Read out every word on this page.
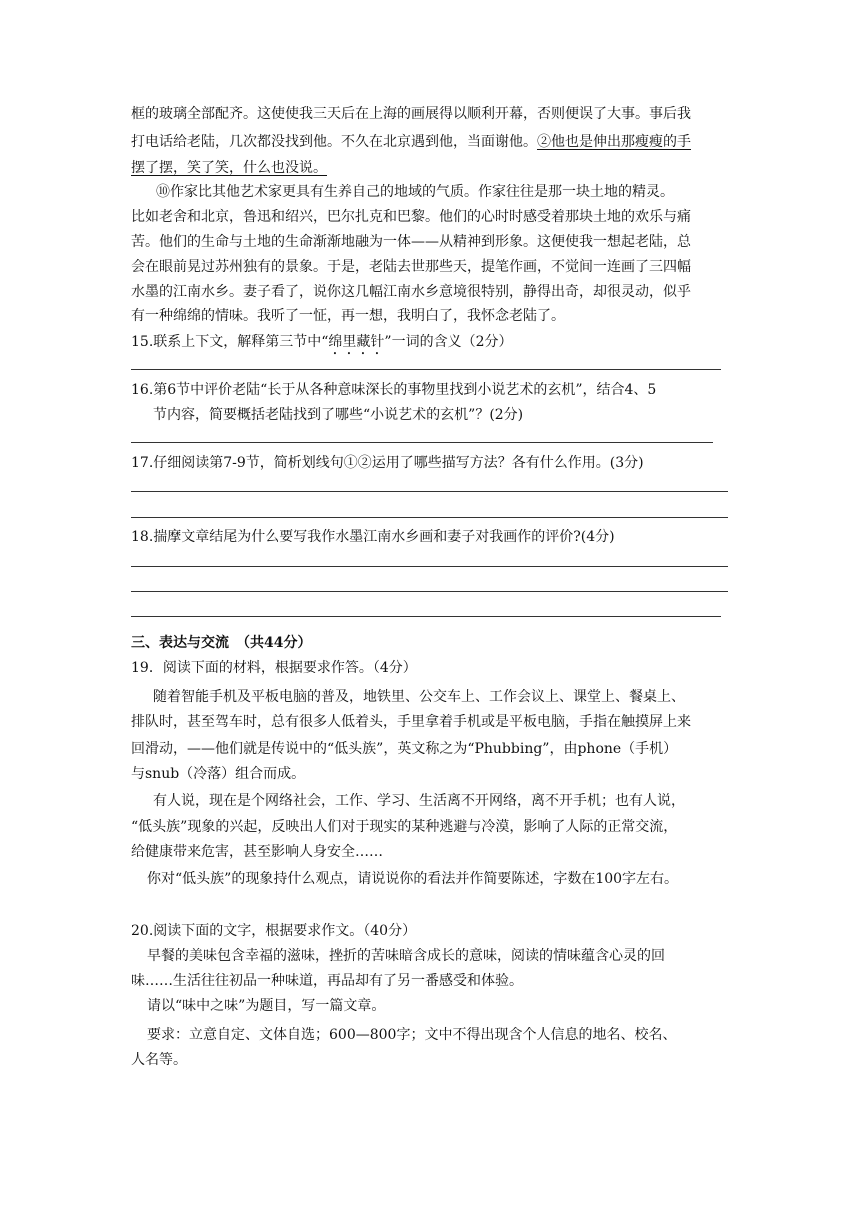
框的玻璃全部配齐。这使使我三天后在上海的画展得以顺利开幕，否则便误了大事。事后我
打电话给老陆，几次都没找到他。不久在北京遇到他，当面谢他。②他也是伸出那瘦瘦的手
摆了摆，笑了笑，什么也没说。
⑩作家比其他艺术家更具有生养自己的地域的气质。作家往往是那一块土地的精灵。
比如老舍和北京，鲁迅和绍兴，巴尔扎克和巴黎。他们的心时时感受着那块土地的欢乐与痛
苦。他们的生命与土地的生命渐渐地融为一体——从精神到形象。这便使我一想起老陆，总
会在眼前晃过苏州独有的景象。于是，老陆去世那些天，提笔作画，不觉间一连画了三四幅
水墨的江南水乡。妻子看了，说你这几幅江南水乡意境很特别，静得出奇，却很灵动，似乎
有一种绵绵的情味。我听了一怔，再一想，我明白了，我怀念老陆了。
15.联系上下文，解释第三节中“绵里藏针”一词的含义（2分）
16.第6节中评价老陆“长于从各种意味深长的事物里找到小说艺术的玄机”，结合4、5
节内容，简要概括老陆找到了哪些“小说艺术的玄机”？(2分)
17.仔细阅读第7-9节，简析划线句①②运用了哪些描写方法？各有什么作用。(3分)
18.揣摩文章结尾为什么要写我作水墨江南水乡画和妻子对我画作的评价?(4分)
三、表达与交流　（共44分）
19．阅读下面的材料，根据要求作答。（4分）
随着智能手机及平板电脑的普及，地铁里、公交车上、工作会议上、课堂上、餐桌上、
排队时，甚至驾车时，总有很多人低着头，手里拿着手机或是平板电脑，手指在触摸屏上来
回滑动，——他们就是传说中的“低头族”，英文称之为“Phubbing”，由phone（手机）
与snub（冷落）组合而成。
有人说，现在是个网络社会，工作、学习、生活离不开网络，离不开手机；也有人说，
“低头族”现象的兴起，反映出人们对于现实的某种逃避与冷漠，影响了人际的正常交流，
给健康带来危害，甚至影响人身安全……
你对“低头族”的现象持什么观点，请说说你的看法并作简要陈述，字数在100字左右。
20.阅读下面的文字，根据要求作文。（40分）
早餐的美味包含幸福的滋味，挫折的苦味暗含成长的意味，阅读的情味蕴含心灵的回
味……生活往往初品一种味道，再品却有了另一番感受和体验。
请以“味中之味”为题目，写一篇文章。
要求：立意自定、文体自选；600—800字；文中不得出现含个人信息的地名、校名、
人名等。
